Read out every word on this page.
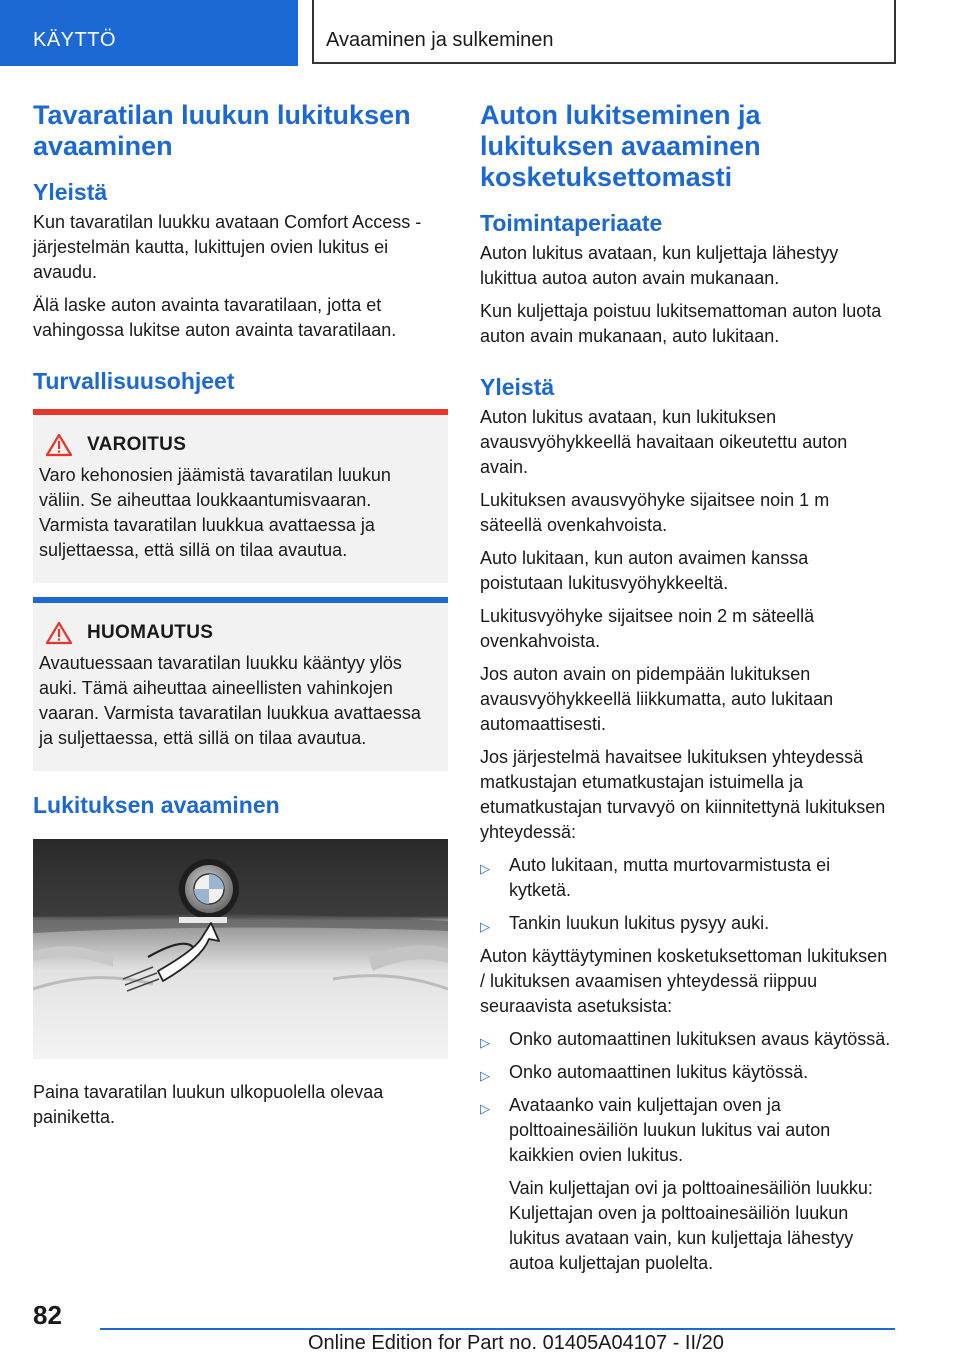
KÄYTTÖ	Avaaminen ja sulkeminen
Tavaratilan luukun lukituksen avaaminen
Yleistä

Kun tavaratilan luukku avataan Comfort Access -järjestelmän kautta, lukittujen ovien lukitus ei avaudu.

Älä laske auton avainta tavaratilaan, jotta et vahingossa lukitse auton avainta tavaratilaan.

Turvallisuusohjeet
VAROITUS

Varo kehonosien jäämistä tavaratilan luukun väliin. Se aiheuttaa loukkaantumisvaaran. Varmista tavaratilan luukkua avattaessa ja suljettaessa, että sillä on tilaa avautua.

HUOMAUTUS

Avautuessaan tavaratilan luukku kääntyy ylös auki. Tämä aiheuttaa aineellisten vahinkojen vaaran. Varmista tavaratilan luukkua avattaessa ja suljettaessa, että sillä on tilaa avautua.

Lukituksen avaaminen

Paina tavaratilan luukun ulkopuolella olevaa painiketta.

Auton lukitseminen ja lukituksen avaaminen kosketuksettomasti
Toimintaperiaate

Auton lukitus avataan, kun kuljettaja lähestyy lukittua autoa auton avain mukanaan.

Kun kuljettaja poistuu lukitsemattoman auton luota auton avain mukanaan, auto lukitaan.

Yleistä

Auton lukitus avataan, kun lukituksen avausvyöhykkeellä havaitaan oikeutettu auton avain.

Lukituksen avausvyöhyke sijaitsee noin 1 m säteellä ovenkahvoista.

Auto lukitaan, kun auton avaimen kanssa poistutaan lukitusvyöhykkeeltä.

Lukitusvyöhyke sijaitsee noin 2 m säteellä ovenkahvoista.

Jos auton avain on pidempään lukituksen avausvyöhykkeellä liikkumatta, auto lukitaan automaattisesti.

Jos järjestelmä havaitsee lukituksen yhteydessä matkustajan etumatkustajan istuimella ja etumatkustajan turvavyö on kiinnitettynä lukituksen yhteydessä:

▷ Auto lukitaan, mutta murtovarmistusta ei kytketä.
▷ Tankin luukun lukitus pysyy auki.

Auton käyttäytyminen kosketuksettoman lukituksen / lukituksen avaamisen yhteydessä riippuu seuraavista asetuksista:

▷ Onko automaattinen lukituksen avaus käytössä.
▷ Onko automaattinen lukitus käytössä.
▷ Avataanko vain kuljettajan oven ja polttoainesäiliön luukun lukitus vai auton kaikkien ovien lukitus.

Vain kuljettajan ovi ja polttoainesäiliön luukku: Kuljettajan oven ja polttoainesäiliön luukun lukitus avataan vain, kun kuljettaja lähestyy autoa kuljettajan puolelta.

82
Online Edition for Part no. 01405A04107 - II/20
